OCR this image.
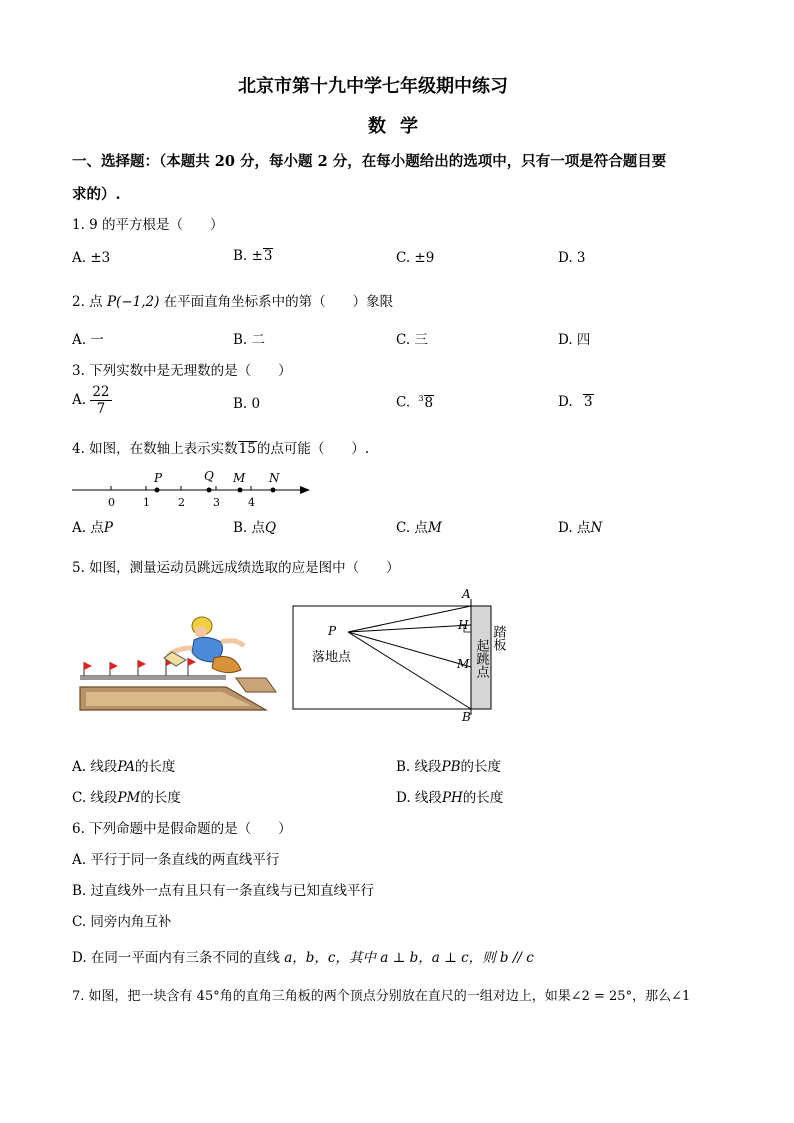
北京市第十九中学七年级期中练习
数学
一、选择题：（本题共 20 分，每小题 2 分，在每小题给出的选项中，只有一项是符合题目要
求的）.
1. 9 的平方根是（　　）
A. ±3	B. ±3	C. ±9	D. 3
2. 点 P(−1,2) 在平面直角坐标系中的第（　　）象限
A. 一	B. 二	C. 三	D. 四
3. 下列实数中是无理数的是（　　）
A. $\frac{22}{7}$	B. 0	C. $^3$8	D. 3
4. 如图，在数轴上表示实数15的点可能（　　）.
0	1	2	3	4
P	Q M N
A. 点P	B. 点Q	C. 点M	D. 点N
5. 如图，测量运动员跳远成绩选取的应是图中（　　）
A
B
P	H
M
落地点
踏板
起跳点
A. 线段PA的长度	B. 线段PB的长度
C. 线段PM的长度	D. 线段PH的长度
6. 下列命题中是假命题的是（　　）
A. 平行于同一条直线的两直线平行
B. 过直线外一点有且只有一条直线与已知直线平行
C. 同旁内角互补
D. 在同一平面内有三条不同的直线 a，b，c，其中 a ⊥ b，a ⊥ c，则 b // c
7. 如图，把一块含有 45°角的直角三角板的两个顶点分别放在直尺的一组对边上，如果∠2 = 25°，那么∠1
